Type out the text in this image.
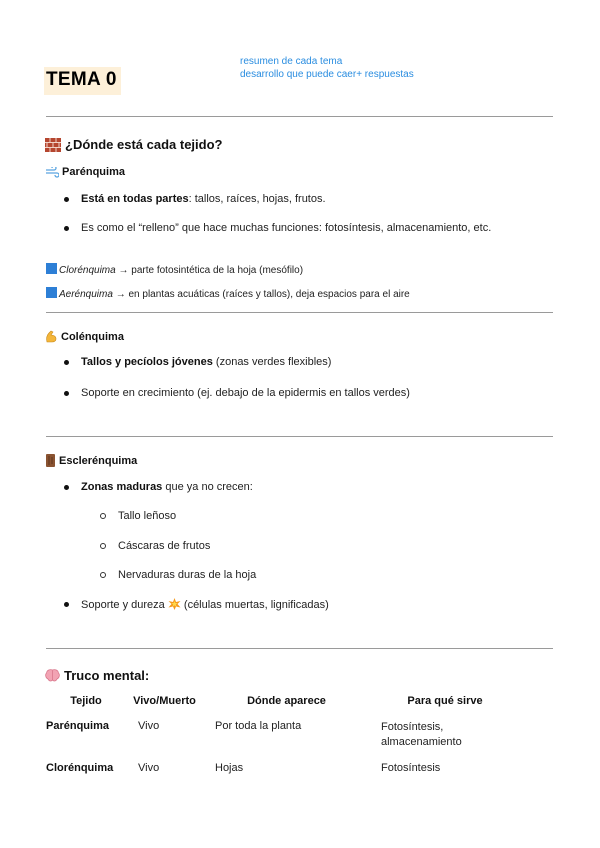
TEMA 0
resumen de cada tema
desarrollo que puede caer+ respuestas
¿Dónde está cada tejido?
Parénquima
Está en todas partes: tallos, raíces, hojas, frutos.
Es como el “relleno” que hace muchas funciones: fotosíntesis, almacenamiento, etc.
Clorénquima → parte fotosintética de la hoja (mesófilo)
Aerénquima → en plantas acuáticas (raíces y tallos), deja espacios para el aire
Colénquima
Tallos y pecíolos jóvenes (zonas verdes flexibles)
Soporte en crecimiento (ej. debajo de la epidermis en tallos verdes)
Esclerénquima
Zonas maduras que ya no crecen:
Tallo leñoso
Cáscaras de frutos
Nervaduras duras de la hoja
Soporte y dureza
(células muertas, lignificadas)
Truco mental:
Tejido	Vivo/Muerto	Dónde aparece	Para qué sirve
Parénquima	Vivo	Por toda la planta	Fotosíntesis,
almacenamiento

Clorénquima	Vivo	Hojas	Fotosíntesis
